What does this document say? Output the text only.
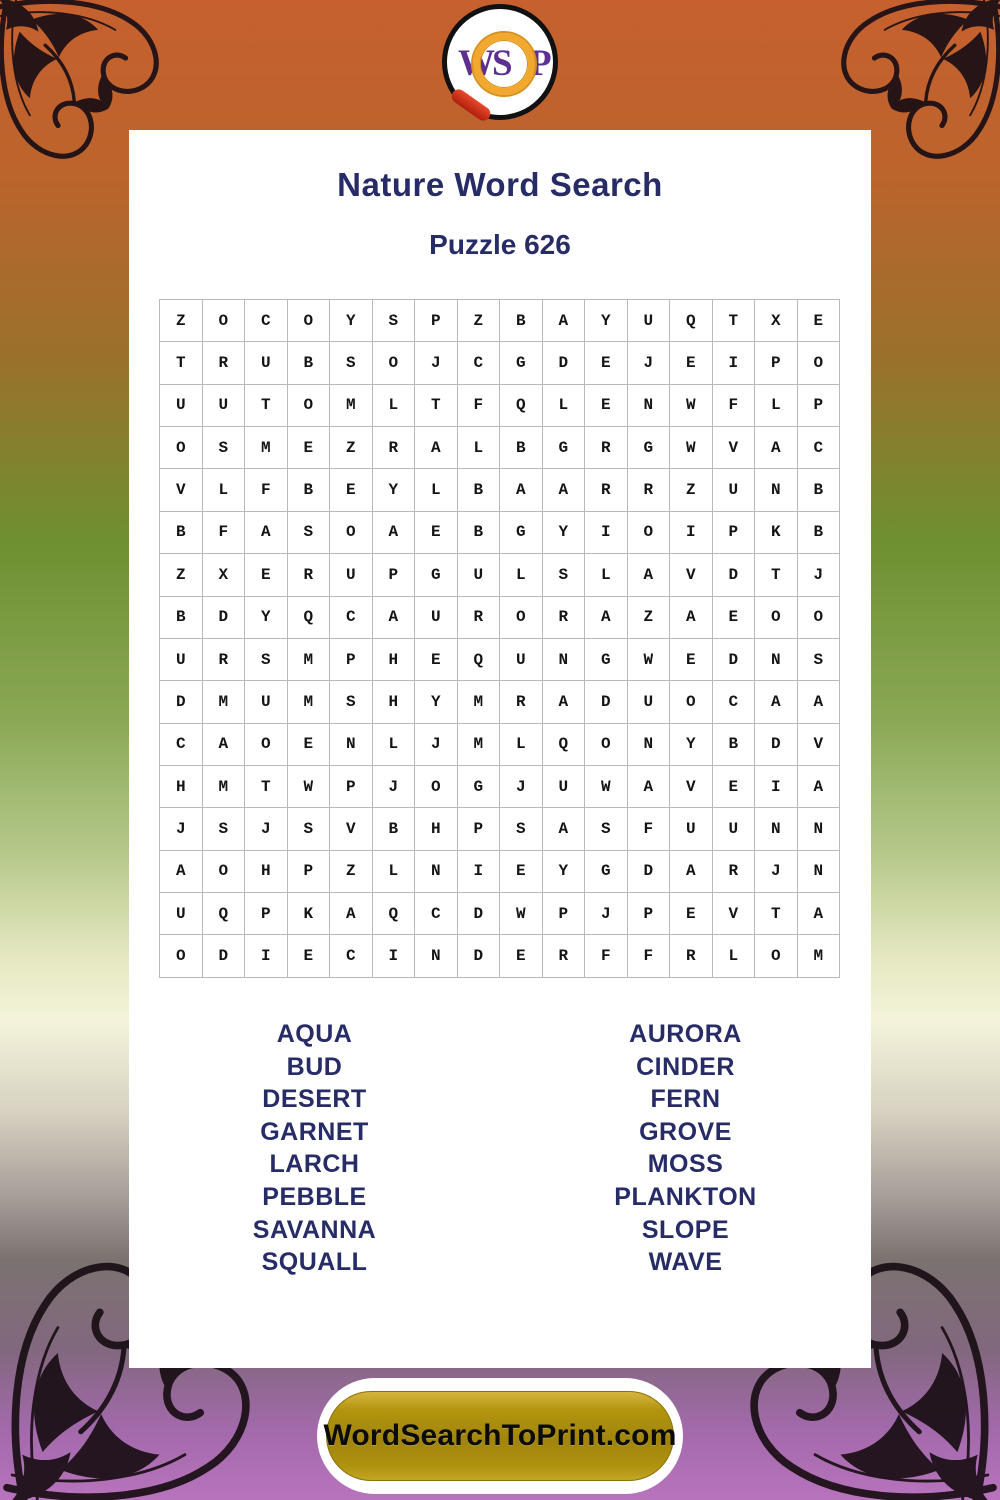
W
S P
Nature Word Search
Puzzle 626
Z	O	C	O	Y	S	P	Z	B	A	Y	U	Q	T	X	E
T	R	U	B	S	O	J	C	G	D	E	J	E	I	P	O
U	U	T	O	M	L	T	F	Q	L	E	N	W	F	L	P
O	S	M	E	Z	R	A	L	B	G	R	G	W	V	A	C
V	L	F	B	E	Y	L	B	A	A	R	R	Z	U	N	B
B	F	A	S	O	A	E	B	G	Y	I	O	I	P	K	B
Z	X	E	R	U	P	G	U	L	S	L	A	V	D	T	J
B	D	Y	Q	C	A	U	R	O	R	A	Z	A	E	O	O
U	R	S	M	P	H	E	Q	U	N	G	W	E	D	N	S
D	M	U	M	S	H	Y	M	R	A	D	U	O	C	A	A
C	A	O	E	N	L	J	M	L	Q	O	N	Y	B	D	V
H	M	T	W	P	J	O	G	J	U	W	A	V	E	I	A
J	S	J	S	V	B	H	P	S	A	S	F	U	U	N	N
A	O	H	P	Z	L	N	I	E	Y	G	D	A	R	J	N
U	Q	P	K	A	Q	C	D	W	P	J	P	E	V	T	A
O	D	I	E	C	I	N	D	E	R	F	F	R	L	O	M
AQUA
BUD
DESERT
GARNET
LARCH
PEBBLE
SAVANNA
SQUALL
AURORA
CINDER
FERN
GROVE
MOSS
PLANKTON
SLOPE
WAVE
WordSearchToPrint.com
